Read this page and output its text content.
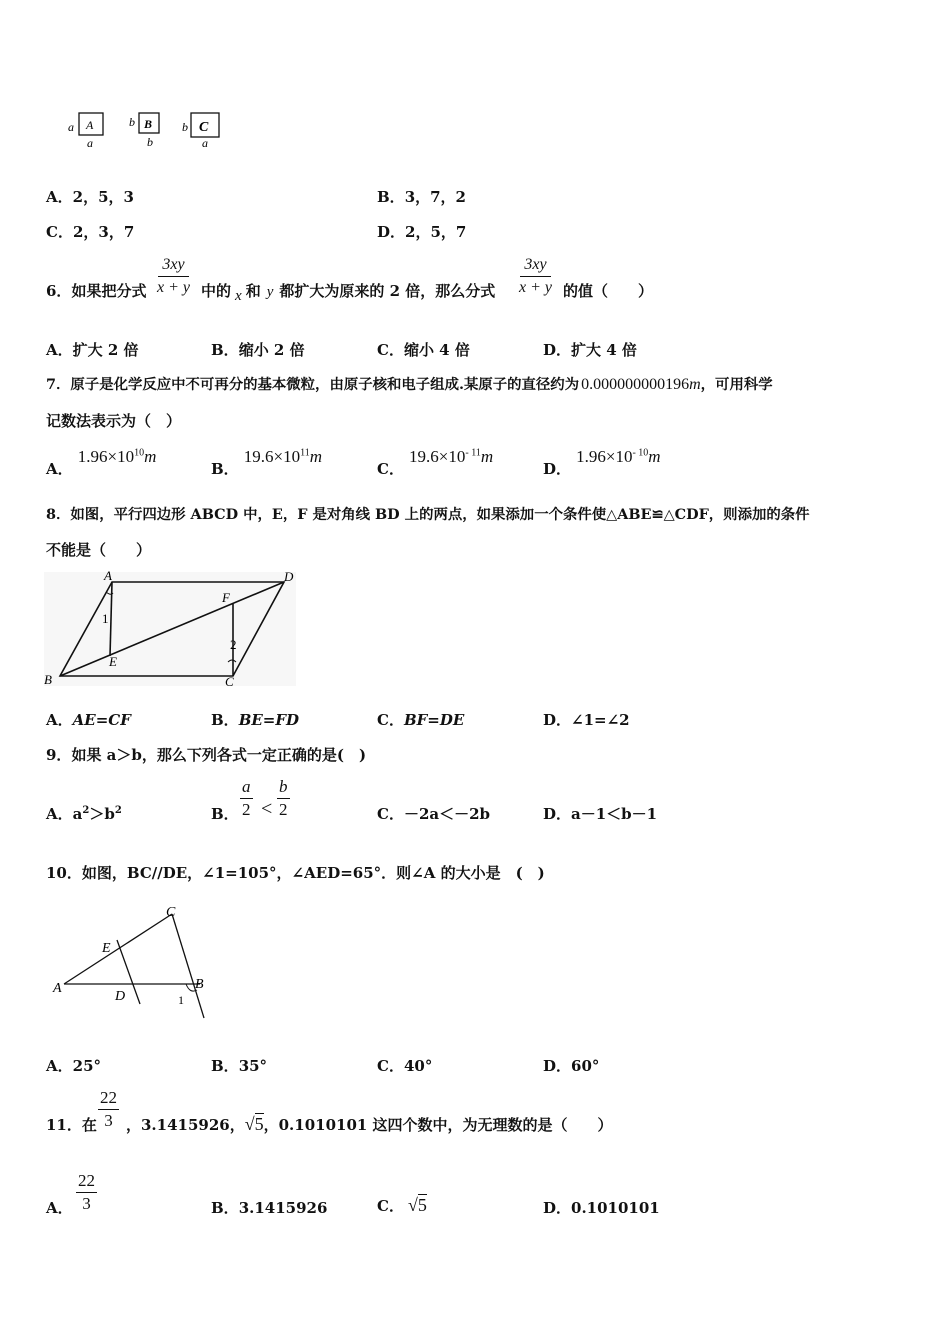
a A
a
b B
b
b C
a
A．2，5，3	B．3，7，2
C．2，3，7	D．2，5，7
6．如果把分式 $\frac{3xy}{x + y}$ 中的 x 和 y 都扩大为原来的 2 倍，那么分式 $\frac{3xy}{x + y}$ 的值（　　）
A．扩大 2 倍	B．缩小 2 倍	C．缩小 4 倍	D．扩大 4 倍
7．原子是化学反应中不可再分的基本微粒，由原子核和电子组成.某原子的直径约为 0.000000000196m，可用科学
记数法表示为（　）
A． $1.96\times 10^{10}m$
B． $19.6\times 10^{11}m$
C． $19.6\times 10^{- 11}m$
D． $1.96\times 10^{- 10}m$
8．如图，平行四边形 ABCD 中，E，F 是对角线 BD 上的两点，如果添加一个条件使△ABE≌△CDF，则添加的条件
不能是（　　）
A	D
B	C
E
F
1
2
A．AE=CF	B．BE=FD	C．BF=DE	D．∠1=∠2
9．如果 a＞b，那么下列各式一定正确的是(　)
A．$a^2>b^2$	B． $\frac{a}{2} < \frac{b}{2}$	C．－2a＜－2b	D．a－1＜b－1
10．如图，BC//DE，∠1=105°，∠AED=65°．则∠A 的大小是　(　)
A
C
B
E
D	1
A．25°	B．35°	C．40°	D．60°
11．在 $\frac{22}{3}$ ，3.1415926，√5，0.1010101 这四个数中，为无理数的是（　　）
A． $\frac{22}{3}$	B．3.1415926	C． √5	D．0.1010101
